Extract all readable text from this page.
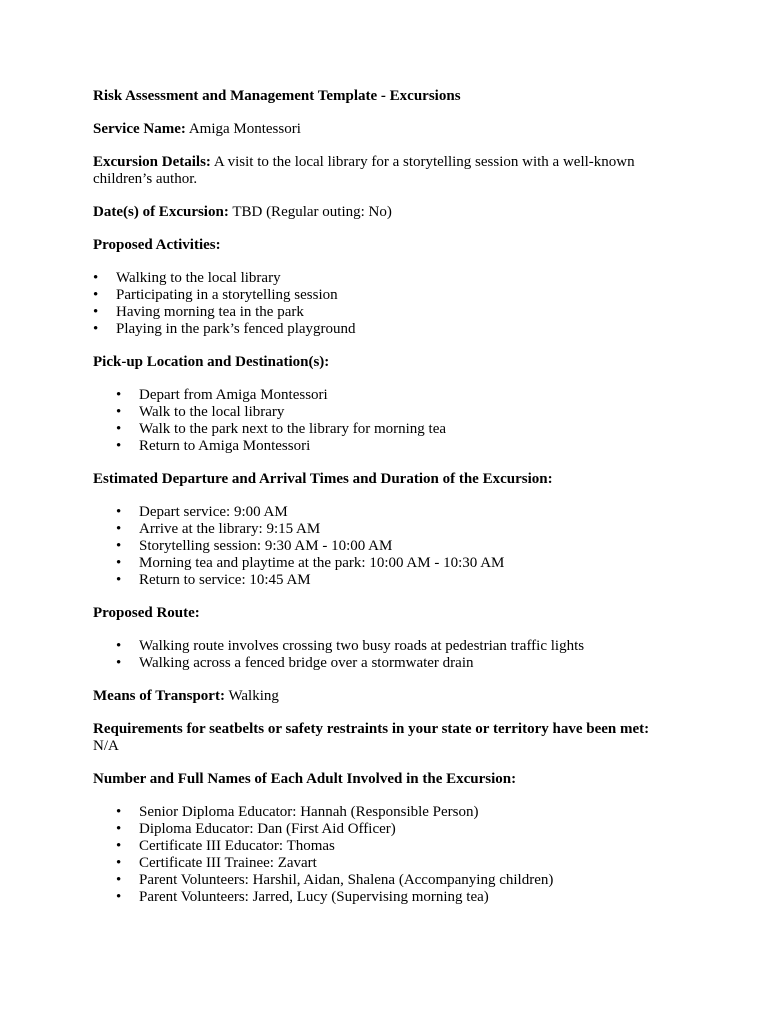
Risk Assessment and Management Template - Excursions

Service Name: Amiga Montessori

Excursion Details: A visit to the local library for a storytelling session with a well-known children’s author.

Date(s) of Excursion: TBD (Regular outing: No)

Proposed Activities:

• Walking to the local library
• Participating in a storytelling session
• Having morning tea in the park
• Playing in the park’s fenced playground

Pick-up Location and Destination(s):

• Depart from Amiga Montessori
• Walk to the local library
• Walk to the park next to the library for morning tea
• Return to Amiga Montessori

Estimated Departure and Arrival Times and Duration of the Excursion:

• Depart service: 9:00 AM
• Arrive at the library: 9:15 AM
• Storytelling session: 9:30 AM - 10:00 AM
• Morning tea and playtime at the park: 10:00 AM - 10:30 AM
• Return to service: 10:45 AM

Proposed Route:

• Walking route involves crossing two busy roads at pedestrian traffic lights
• Walking across a fenced bridge over a stormwater drain

Means of Transport: Walking

Requirements for seatbelts or safety restraints in your state or territory have been met:
N/A

Number and Full Names of Each Adult Involved in the Excursion:

• Senior Diploma Educator: Hannah (Responsible Person)
• Diploma Educator: Dan (First Aid Officer)
• Certificate III Educator: Thomas
• Certificate III Trainee: Zavart
• Parent Volunteers: Harshil, Aidan, Shalena (Accompanying children)
• Parent Volunteers: Jarred, Lucy (Supervising morning tea)
